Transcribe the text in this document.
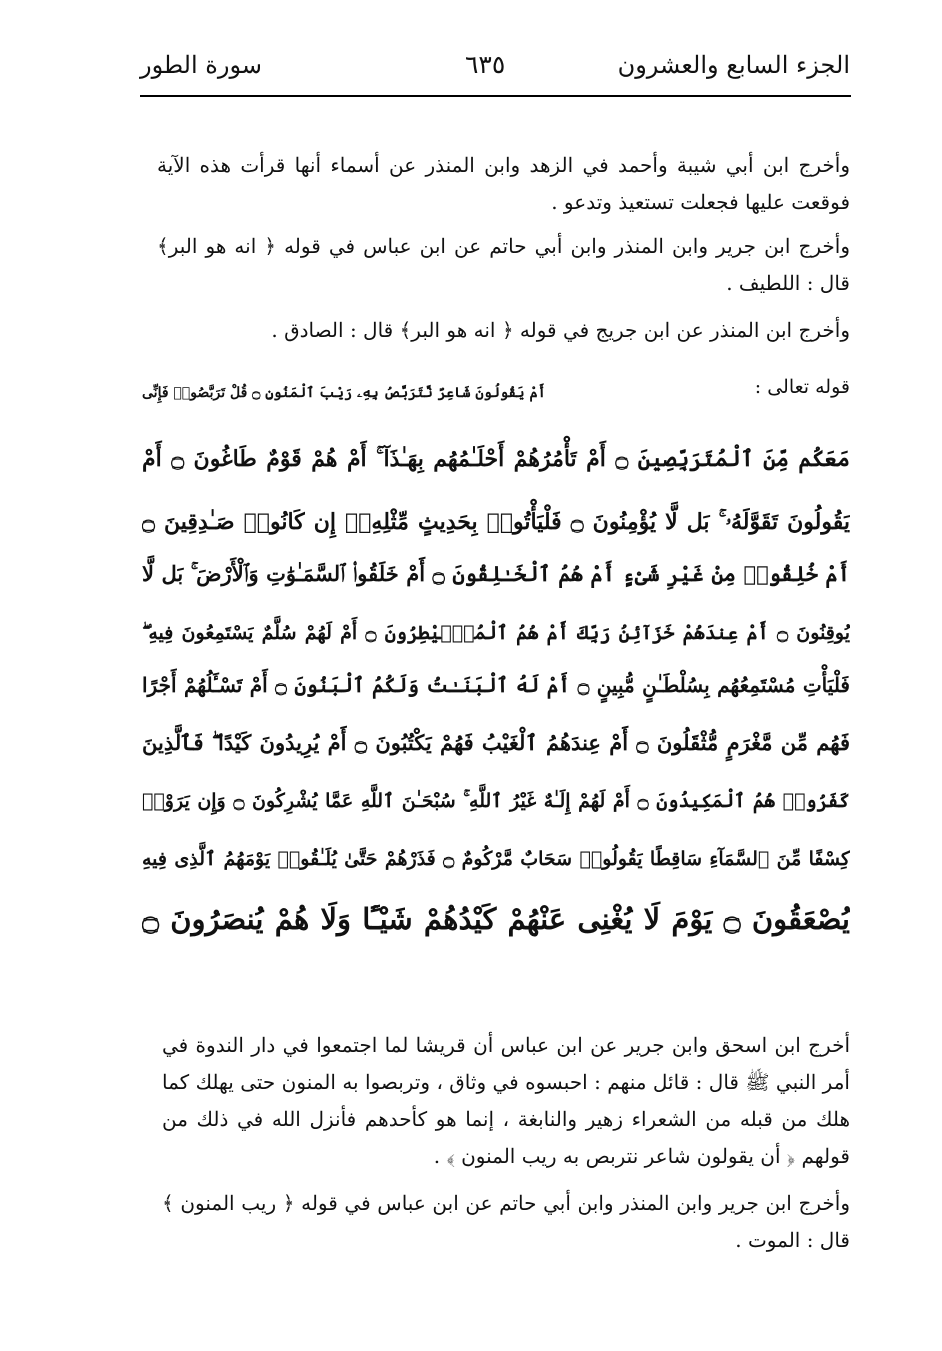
الجزء السابع والعشرون
٦٣٥
سورة الطور

وأخرج ابن أبي شيبة وأحمد في الزهد وابن المنذر عن أسماء أنها قرأت هذه الآية فوقعت عليها فجعلت تستعيذ وتدعو .

وأخرج ابن جرير وابن المنذر وابن أبي حاتم عن ابن عباس في قوله ﴿ انه هو البر﴾ قال : اللطيف .

وأخرج ابن المنذر عن ابن جريج في قوله ﴿ انه هو البر﴾ قال : الصادق .

أَمْ يَقُولُونَ شَاعِرٌ نَّتَرَبَّصُ بِهِۦ رَيْبَ ٱلْمَنُونِ ۝ قُلْ تَرَبَّصُوا۟ فَإِنِّى
مَعَكُم مِّنَ ٱلْمُتَرَبِّصِينَ ۝ أَمْ تَأْمُرُهُمْ أَحْلَـٰمُهُم بِهَـٰذَآ ۚ أَمْ هُمْ قَوْمٌ طَاغُونَ ۝ أَمْ
يَقُولُونَ تَقَوَّلَهُۥ ۚ بَل لَّا يُؤْمِنُونَ ۝ فَلْيَأْتُوا۟ بِحَدِيثٍ مِّثْلِهِۦٓ إِن كَانُوا۟ صَـٰدِقِينَ ۝
أَمْ خُلِقُوا۟ مِنْ غَيْرِ شَىْءٍ أَمْ هُمُ ٱلْخَـٰلِقُونَ ۝ أَمْ خَلَقُوا۟ ٱلسَّمَـٰوَٰتِ وَٱلْأَرْضَ ۚ بَل لَّا
يُوقِنُونَ ۝ أَمْ عِندَهُمْ خَزَآئِنُ رَبِّكَ أَمْ هُمُ ٱلْمُصَۣيْطِرُونَ ۝ أَمْ لَهُمْ سُلَّمٌ يَسْتَمِعُونَ فِيهِ ۖ
فَلْيَأْتِ مُسْتَمِعُهُم بِسُلْطَـٰنٍ مُّبِينٍ ۝ أَمْ لَهُ ٱلْبَنَـٰتُ وَلَكُمُ ٱلْبَنُونَ ۝ أَمْ تَسْـَٔلُهُمْ أَجْرًا
فَهُم مِّن مَّغْرَمٍ مُّثْقَلُونَ ۝ أَمْ عِندَهُمُ ٱلْغَيْبُ فَهُمْ يَكْتُبُونَ ۝ أَمْ يُرِيدُونَ كَيْدًا ۖ فَٱلَّذِينَ
كَفَرُوا۟ هُمُ ٱلْمَكِيدُونَ ۝ أَمْ لَهُمْ إِلَـٰهٌ غَيْرُ ٱللَّهِ ۚ سُبْحَـٰنَ ٱللَّهِ عَمَّا يُشْرِكُونَ ۝ وَإِن يَرَوْا۟
كِسْفًا مِّنَ ٱلسَّمَآءِ سَاقِطًا يَقُولُوا۟ سَحَابٌ مَّرْكُومٌ ۝ فَذَرْهُمْ حَتَّىٰ يُلَـٰقُوا۟ يَوْمَهُمُ ٱلَّذِى فِيهِ
يُصْعَقُونَ ۝ يَوْمَ لَا يُغْنِى عَنْهُمْ كَيْدُهُمْ شَيْـًٔا وَلَا هُمْ يُنصَرُونَ ۝
قوله تعالى :

أخرج ابن اسحق وابن جرير عن ابن عباس أن قريشا لما اجتمعوا في دار الندوة في أمر النبي ﷺ قال : قائل منهم : احبسوه في وثاق ، وتربصوا به المنون حتى يهلك كما هلك من قبله من الشعراء زهير والنابغة ، إنما هو كأحدهم فأنزل الله في ذلك من قولهم ﴿ أن يقولون شاعر نتربص به ريب المنون ﴾ .

وأخرج ابن جرير وابن المنذر وابن أبي حاتم عن ابن عباس في قوله ﴿ ريب المنون ﴾ قال : الموت .
